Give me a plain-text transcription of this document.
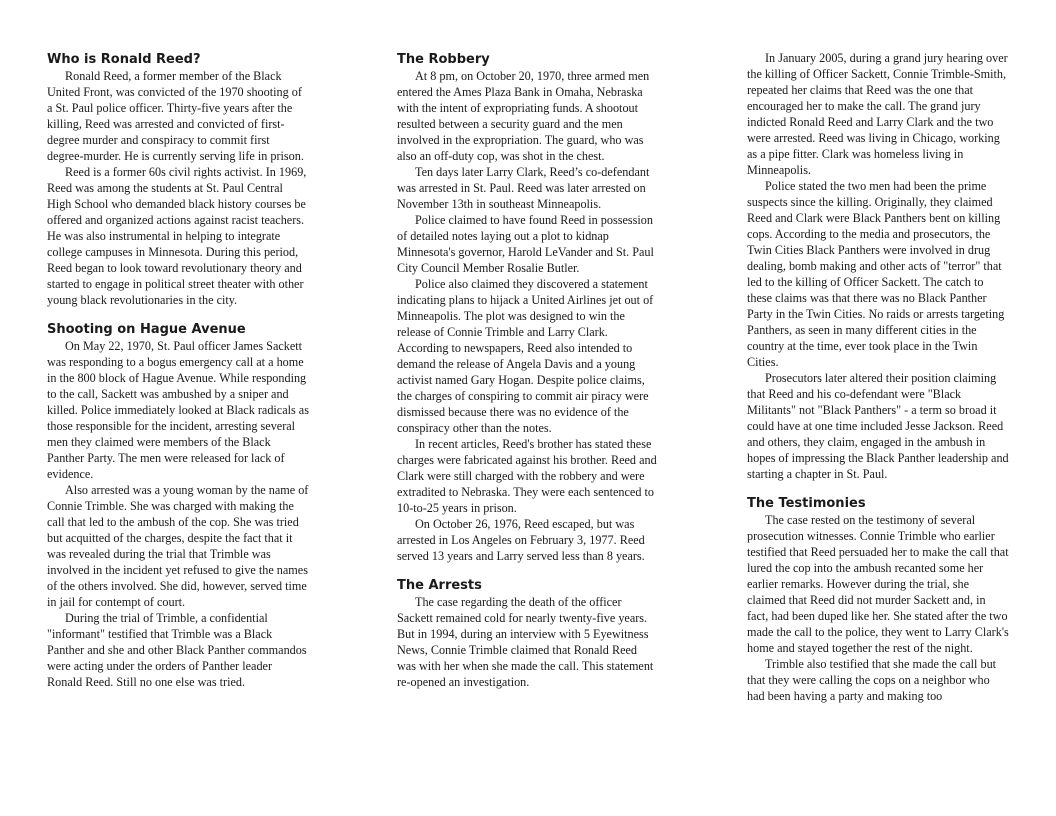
Who is Ronald Reed?

Ronald Reed, a former member of the Black United Front, was convicted of the 1970 shooting of a St. Paul police officer. Thirty-five years after the killing, Reed was arrested and convicted of first-degree murder and conspiracy to commit first degree-murder. He is currently serving life in prison.

Reed is a former 60s civil rights activist. In 1969, Reed was among the students at St. Paul Central High School who demanded black history courses be offered and organized actions against racist teachers. He was also instrumental in helping to integrate college campuses in Minnesota. During this period, Reed began to look toward revolutionary theory and started to engage in political street theater with other young black revolutionaries in the city.

Shooting on Hague Avenue

On May 22, 1970, St. Paul officer James Sackett was responding to a bogus emergency call at a home in the 800 block of Hague Avenue. While responding to the call, Sackett was ambushed by a sniper and killed. Police immediately looked at Black radicals as those responsible for the incident, arresting several men they claimed were members of the Black Panther Party. The men were released for lack of evidence.

Also arrested was a young woman by the name of Connie Trimble. She was charged with making the call that led to the ambush of the cop. She was tried but acquitted of the charges, despite the fact that it was revealed during the trial that Trimble was involved in the incident yet refused to give the names of the others involved. She did, however, served time in jail for contempt of court.

During the trial of Trimble, a confidential "informant" testified that Trimble was a Black Panther and she and other Black Panther commandos were acting under the orders of Panther leader Ronald Reed. Still no one else was tried.

The Robbery

At 8 pm, on October 20, 1970, three armed men entered the Ames Plaza Bank in Omaha, Nebraska with the intent of expropriating funds. A shootout resulted between a security guard and the men involved in the expropriation. The guard, who was also an off-duty cop, was shot in the chest.

Ten days later Larry Clark, Reed’s co-defendant was arrested in St. Paul. Reed was later arrested on November 13th in southeast Minneapolis.

Police claimed to have found Reed in possession of detailed notes laying out a plot to kidnap Minnesota's governor, Harold LeVander and St. Paul City Council Member Rosalie Butler.

Police also claimed they discovered a statement indicating plans to hijack a United Airlines jet out of Minneapolis. The plot was designed to win the release of Connie Trimble and Larry Clark. According to newspapers, Reed also intended to demand the release of Angela Davis and a young activist named Gary Hogan. Despite police claims, the charges of conspiring to commit air piracy were dismissed because there was no evidence of the conspiracy other than the notes.

In recent articles, Reed's brother has stated these charges were fabricated against his brother. Reed and Clark were still charged with the robbery and were extradited to Nebraska. They were each sentenced to 10-to-25 years in prison.

On October 26, 1976, Reed escaped, but was arrested in Los Angeles on February 3, 1977. Reed served 13 years and Larry served less than 8 years.

The Arrests

The case regarding the death of the officer Sackett remained cold for nearly twenty-five years. But in 1994, during an interview with 5 Eyewitness News, Connie Trimble claimed that Ronald Reed was with her when she made the call. This statement re-opened an investigation.

In January 2005, during a grand jury hearing over the killing of Officer Sackett, Connie Trimble-Smith, repeated her claims that Reed was the one that encouraged her to make the call. The grand jury indicted Ronald Reed and Larry Clark and the two were arrested. Reed was living in Chicago, working as a pipe fitter. Clark was homeless living in Minneapolis.

Police stated the two men had been the prime suspects since the killing. Originally, they claimed Reed and Clark were Black Panthers bent on killing cops. According to the media and prosecutors, the Twin Cities Black Panthers were involved in drug dealing, bomb making and other acts of "terror" that led to the killing of Officer Sackett. The catch to these claims was that there was no Black Panther Party in the Twin Cities. No raids or arrests targeting Panthers, as seen in many different cities in the country at the time, ever took place in the Twin Cities.

Prosecutors later altered their position claiming that Reed and his co-defendant were "Black Militants" not "Black Panthers" - a term so broad it could have at one time included Jesse Jackson. Reed and others, they claim, engaged in the ambush in hopes of impressing the Black Panther leadership and starting a chapter in St. Paul.

The Testimonies

The case rested on the testimony of several prosecution witnesses. Connie Trimble who earlier testified that Reed persuaded her to make the call that lured the cop into the ambush recanted some her earlier remarks. However during the trial, she claimed that Reed did not murder Sackett and, in fact, had been duped like her. She stated after the two made the call to the police, they went to Larry Clark's home and stayed together the rest of the night.

Trimble also testified that she made the call but that they were calling the cops on a neighbor who had been having a party and making too
